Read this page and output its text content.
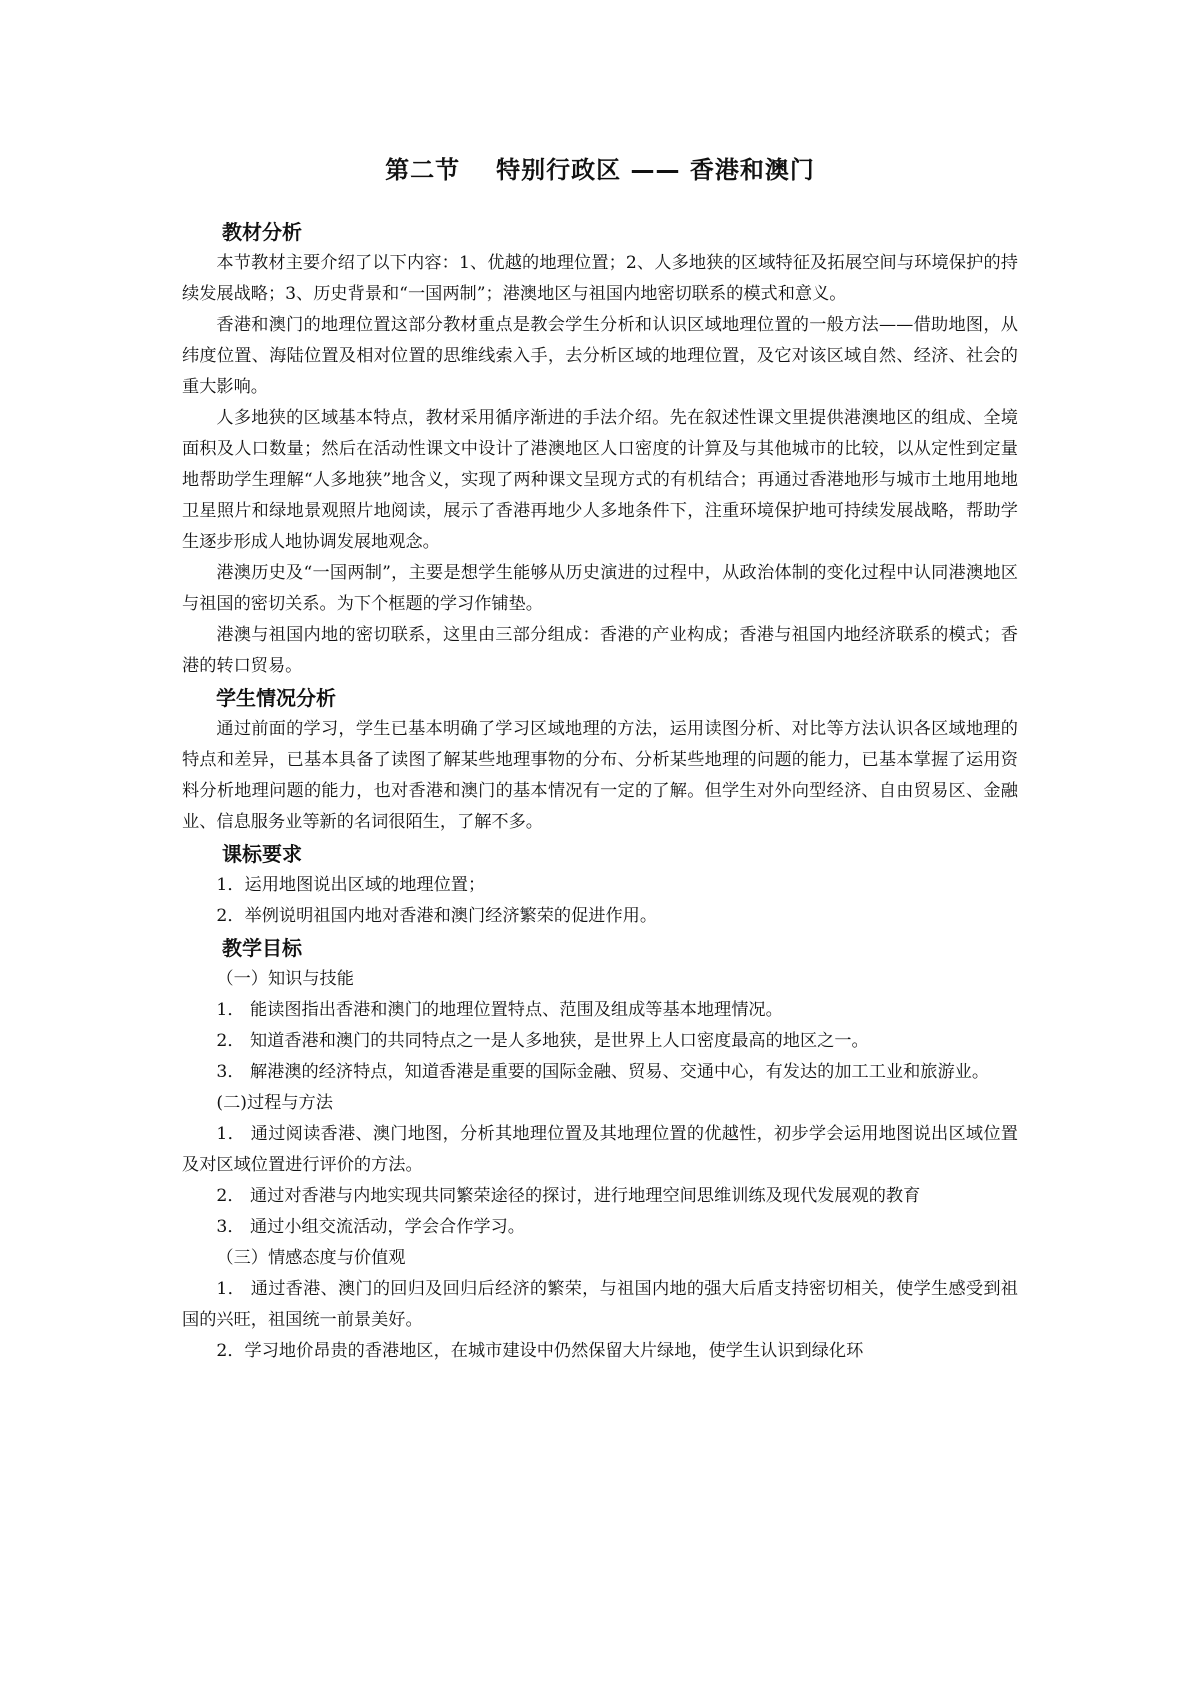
第二节 特别行政区 —— 香港和澳门
教材分析

本节教材主要介绍了以下内容：1、优越的地理位置；2、人多地狭的区域特征及拓展空间与环境保护的持续发展战略；3、历史背景和“一国两制”；港澳地区与祖国内地密切联系的模式和意义。

香港和澳门的地理位置这部分教材重点是教会学生分析和认识区域地理位置的一般方法——借助地图，从纬度位置、海陆位置及相对位置的思维线索入手，去分析区域的地理位置，及它对该区域自然、经济、社会的重大影响。

人多地狭的区域基本特点，教材采用循序渐进的手法介绍。先在叙述性课文里提供港澳地区的组成、全境面积及人口数量；然后在活动性课文中设计了港澳地区人口密度的计算及与其他城市的比较，以从定性到定量地帮助学生理解“人多地狭”地含义，实现了两种课文呈现方式的有机结合；再通过香港地形与城市土地用地地卫星照片和绿地景观照片地阅读，展示了香港再地少人多地条件下，注重环境保护地可持续发展战略，帮助学生逐步形成人地协调发展地观念。

港澳历史及“一国两制”，主要是想学生能够从历史演进的过程中，从政治体制的变化过程中认同港澳地区与祖国的密切关系。为下个框题的学习作铺垫。

港澳与祖国内地的密切联系，这里由三部分组成：香港的产业构成；香港与祖国内地经济联系的模式；香港的转口贸易。

学生情况分析

通过前面的学习，学生已基本明确了学习区域地理的方法，运用读图分析、对比等方法认识各区域地理的特点和差异，已基本具备了读图了解某些地理事物的分布、分析某些地理的问题的能力，已基本掌握了运用资料分析地理问题的能力，也对香港和澳门的基本情况有一定的了解。但学生对外向型经济、自由贸易区、金融业、信息服务业等新的名词很陌生，了解不多。

课标要求

1．运用地图说出区域的地理位置；

2．举例说明祖国内地对香港和澳门经济繁荣的促进作用。

教学目标

（一）知识与技能

1． 能读图指出香港和澳门的地理位置特点、范围及组成等基本地理情况。

2． 知道香港和澳门的共同特点之一是人多地狭，是世界上人口密度最高的地区之一。

3． 解港澳的经济特点，知道香港是重要的国际金融、贸易、交通中心，有发达的加工工业和旅游业。

(二)过程与方法

1． 通过阅读香港、澳门地图，分析其地理位置及其地理位置的优越性，初步学会运用地图说出区域位置及对区域位置进行评价的方法。

2． 通过对香港与内地实现共同繁荣途径的探讨，进行地理空间思维训练及现代发展观的教育

3． 通过小组交流活动，学会合作学习。

（三）情感态度与价值观

1． 通过香港、澳门的回归及回归后经济的繁荣，与祖国内地的强大后盾支持密切相关，使学生感受到祖国的兴旺，祖国统一前景美好。

2．学习地价昂贵的香港地区，在城市建设中仍然保留大片绿地，使学生认识到绿化环
